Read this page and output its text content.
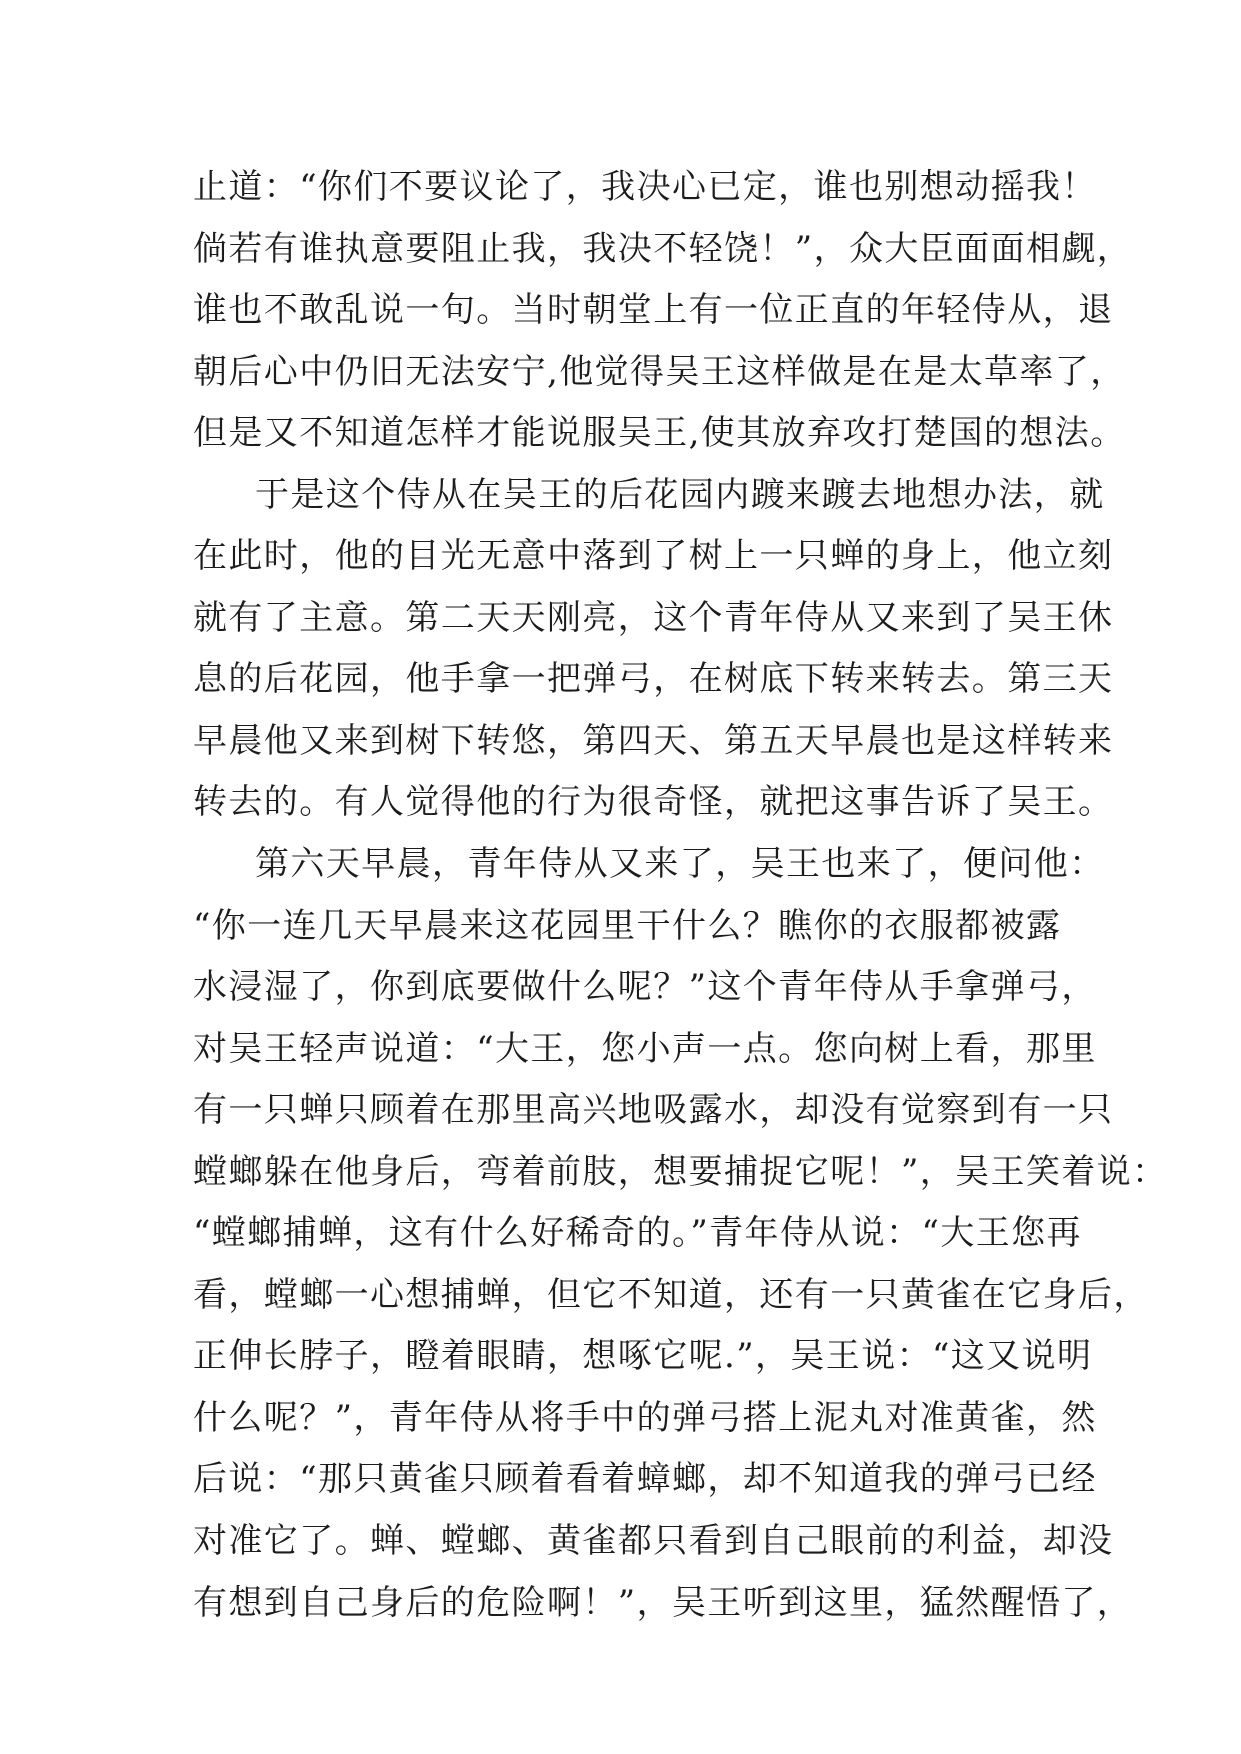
止道：“你们不要议论了，我决心已定，谁也别想动摇我！
倘若有谁执意要阻止我，我决不轻饶！”，众大臣面面相觑，
谁也不敢乱说一句。当时朝堂上有一位正直的年轻侍从，退
朝后心中仍旧无法安宁,他觉得吴王这样做是在是太草率了，
但是又不知道怎样才能说服吴王,使其放弃攻打楚国的想法。
于是这个侍从在吴王的后花园内踱来踱去地想办法，就
在此时，他的目光无意中落到了树上一只蝉的身上，他立刻
就有了主意。第二天天刚亮，这个青年侍从又来到了吴王休
息的后花园，他手拿一把弹弓，在树底下转来转去。第三天
早晨他又来到树下转悠，第四天、第五天早晨也是这样转来
转去的。有人觉得他的行为很奇怪，就把这事告诉了吴王。
第六天早晨，青年侍从又来了，吴王也来了，便问他：
“你一连几天早晨来这花园里干什么？瞧你的衣服都被露
水浸湿了，你到底要做什么呢？”这个青年侍从手拿弹弓，
对吴王轻声说道：“大王，您小声一点。您向树上看，那里
有一只蝉只顾着在那里高兴地吸露水，却没有觉察到有一只
螳螂躲在他身后，弯着前肢，想要捕捉它呢！”，吴王笑着说：
“螳螂捕蝉，这有什么好稀奇的。”青年侍从说：“大王您再
看，螳螂一心想捕蝉，但它不知道，还有一只黄雀在它身后，
正伸长脖子，瞪着眼睛，想啄它呢.”，吴王说：“这又说明
什么呢？”，青年侍从将手中的弹弓搭上泥丸对准黄雀，然
后说：“那只黄雀只顾着看着蟑螂，却不知道我的弹弓已经
对准它了。蝉、螳螂、黄雀都只看到自己眼前的利益，却没
有想到自己身后的危险啊！”，吴王听到这里，猛然醒悟了，
